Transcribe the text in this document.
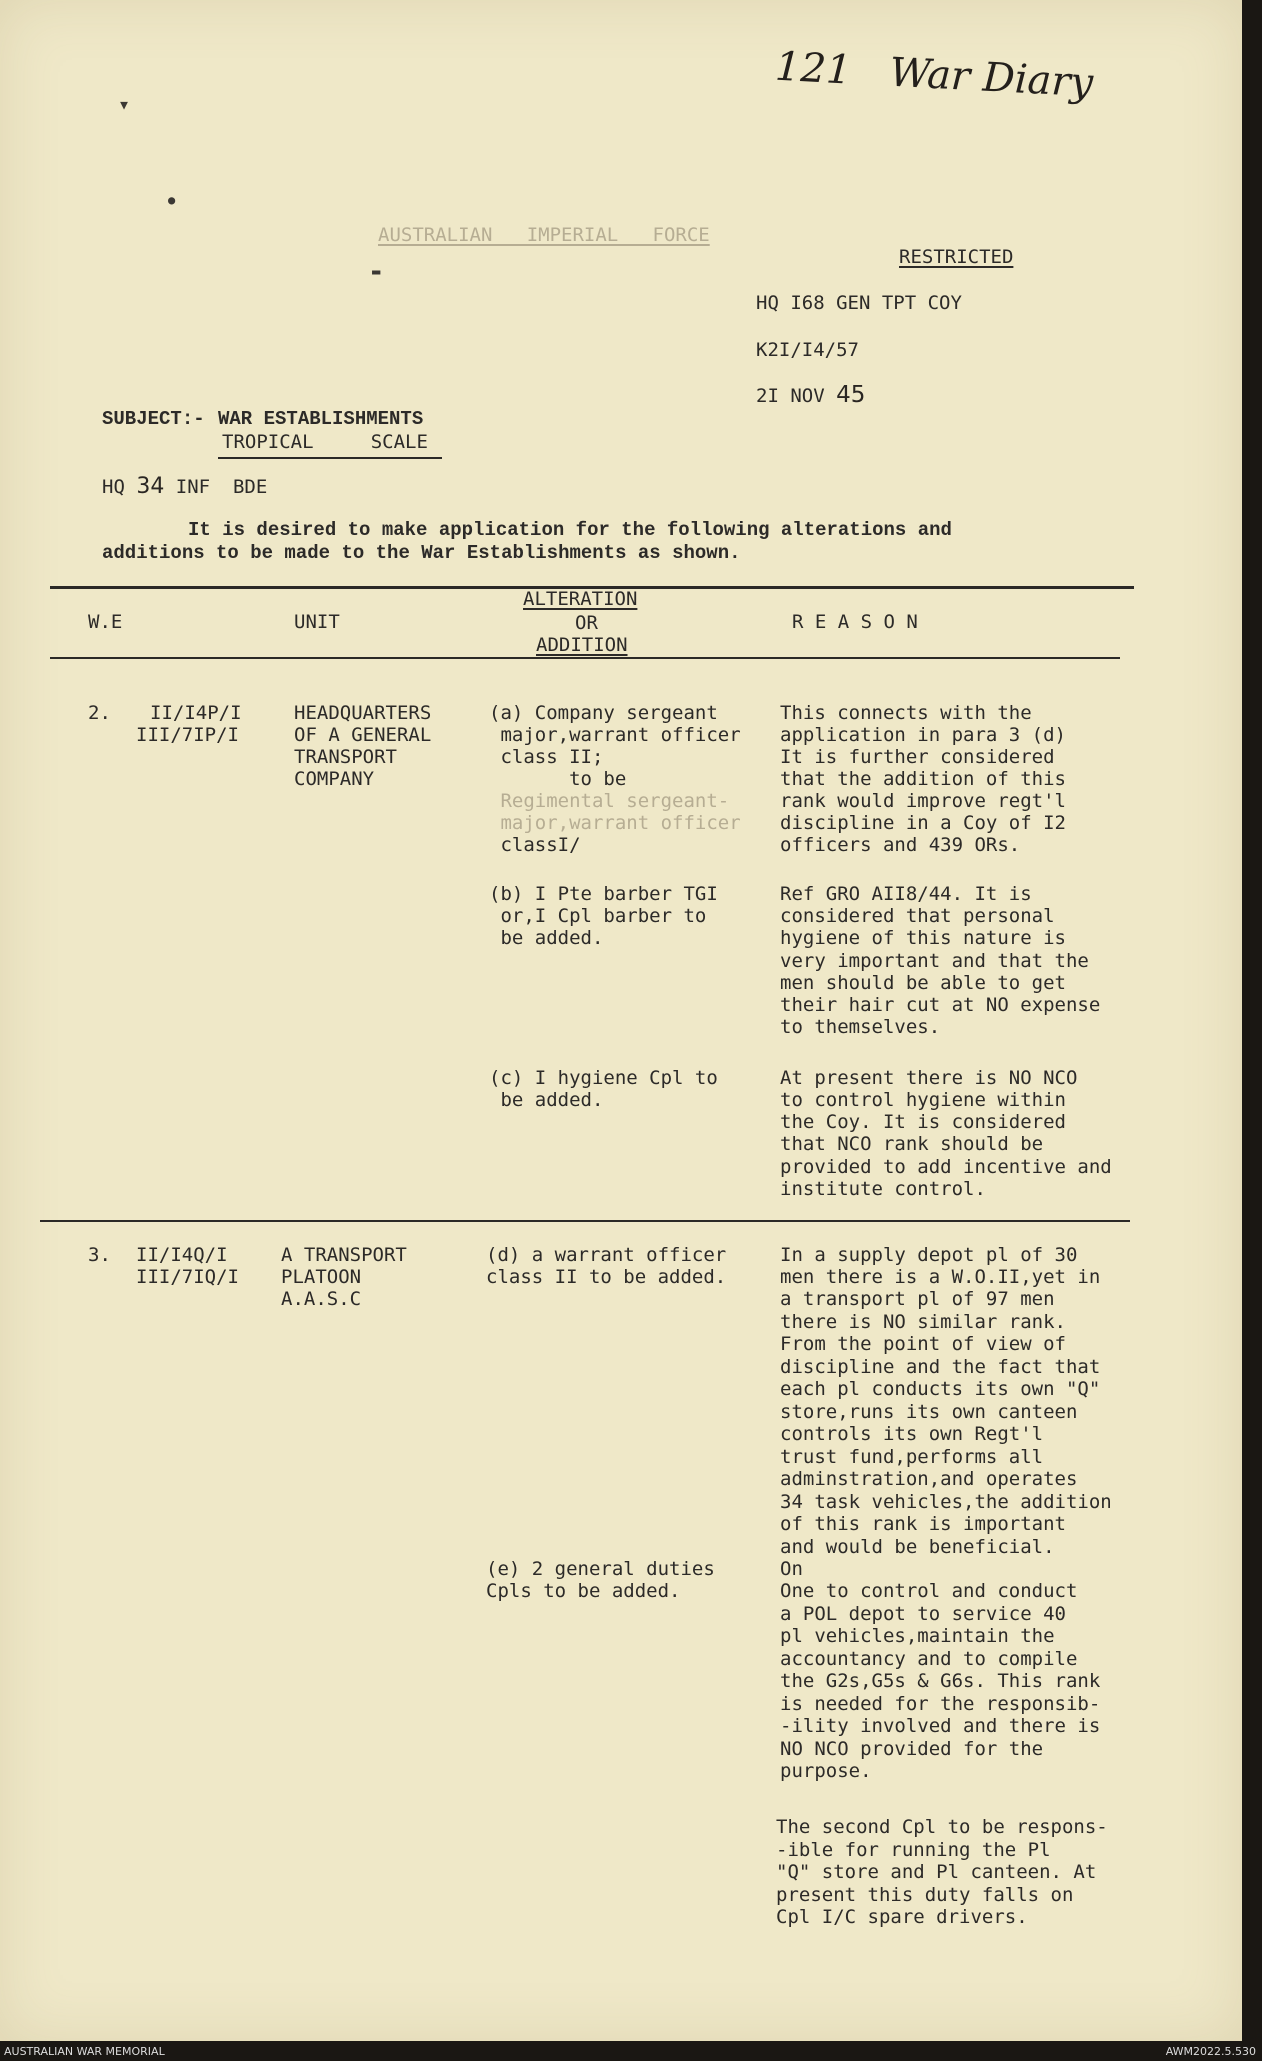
121 War Diary
▾
●
▬
AUSTRALIAN   IMPERIAL   FORCE
RESTRICTED
HQ I68 GEN TPT COY
K2I/I4/57
2I NOV 45
SUBJECT:- WAR ESTABLISHMENTS
TROPICAL     SCALE
HQ 34 INF  BDE
It is desired to make application for the following alterations and
additions to be made to the War Establishments as shown.
W.E	UNIT
ALTERATION
OR
ADDITION
R E A S O N
2. II/I4P/I
III/7IP/I
HEADQUARTERS
OF A GENERAL
TRANSPORT
COMPANY
(a) Company sergeant
major,warrant officer
class II;
to be
Regimental sergeant-
major,warrant officer
classI/
This connects with the
application in para 3 (d)
It is further considered
that the addition of this
rank would improve regt'l
discipline in a Coy of I2
officers and 439 ORs.
(b) I Pte barber TGI
or,I Cpl barber to
be added.
Ref GRO AII8/44. It is
considered that personal
hygiene of this nature is
very important and that the
men should be able to get
their hair cut at NO expense
to themselves.
(c) I hygiene Cpl to
be added.
At present there is NO NCO
to control hygiene within
the Coy. It is considered
that NCO rank should be
provided to add incentive and
institute control.
3. II/I4Q/I
III/7IQ/I
A TRANSPORT
PLATOON
A.A.S.C
(d) a warrant officer
class II to be added.
In a supply depot pl of 30
men there is a W.O.II,yet in
a transport pl of 97 men
there is NO similar rank.
From the point of view of
discipline and the fact that
each pl conducts its own "Q"
store,runs its own canteen
controls its own Regt'l
trust fund,performs all
adminstration,and operates
34 task vehicles,the addition
of this rank is important
and would be beneficial.
(e) 2 general duties
Cpls to be added.
On
One to control and conduct
a POL depot to service 40
pl vehicles,maintain the
accountancy and to compile
the G2s,G5s & G6s. This rank
is needed for the responsib-
-ility involved and there is
NO NCO provided for the
purpose.
The second Cpl to be respons-
-ible for running the Pl
"Q" store and Pl canteen. At
present this duty falls on
Cpl I/C spare drivers.
AUSTRALIAN WAR MEMORIAL	AWM2022.5.530
